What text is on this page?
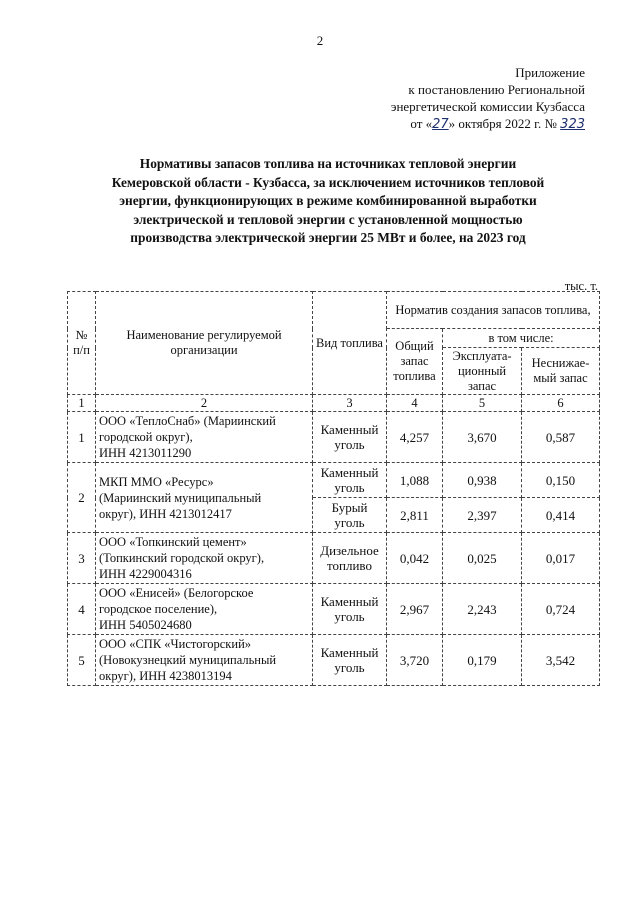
2
Приложение
к постановлению Региональной
энергетической комиссии Кузбасса
от «27» октября 2022 г. № 323
Нормативы запасов топлива на источниках тепловой энергии
Кемеровской области - Кузбасса, за исключением источников тепловой
энергии, функционирующих в режиме комбинированной выработки
электрической и тепловой энергии с установленной мощностью
производства электрической энергии 25 МВт и более, на 2023 год
тыс. т.
№ п/п	Наименование регулируемой организации	Вид топлива	Норматив создания запасов топлива,		
			Общий запас топлива	в том числе:	
				Эксплуата-ционный запас	Неснижае-мый запас
1	2	3	4	5	6
1	ООО «ТеплоСнаб» (Мариинский
городской округ),
ИНН 4213011290	Каменный уголь	4,257	3,670	0,587
2	МКП ММО «Ресурс»
(Мариинский муниципальный
округ), ИНН 4213012417	Каменный уголь	1,088	0,938	0,150
		Бурый уголь	2,811	2,397	0,414
3	ООО «Топкинский цемент»
(Топкинский городской округ),
ИНН 4229004316	Дизельное топливо	0,042	0,025	0,017
4	ООО «Енисей» (Белогорское
городское поселение),
ИНН 5405024680	Каменный уголь	2,967	2,243	0,724
5	ООО «СПК «Чистогорский»
(Новокузнецкий муниципальный
округ), ИНН 4238013194	Каменный уголь	3,720	0,179	3,542
